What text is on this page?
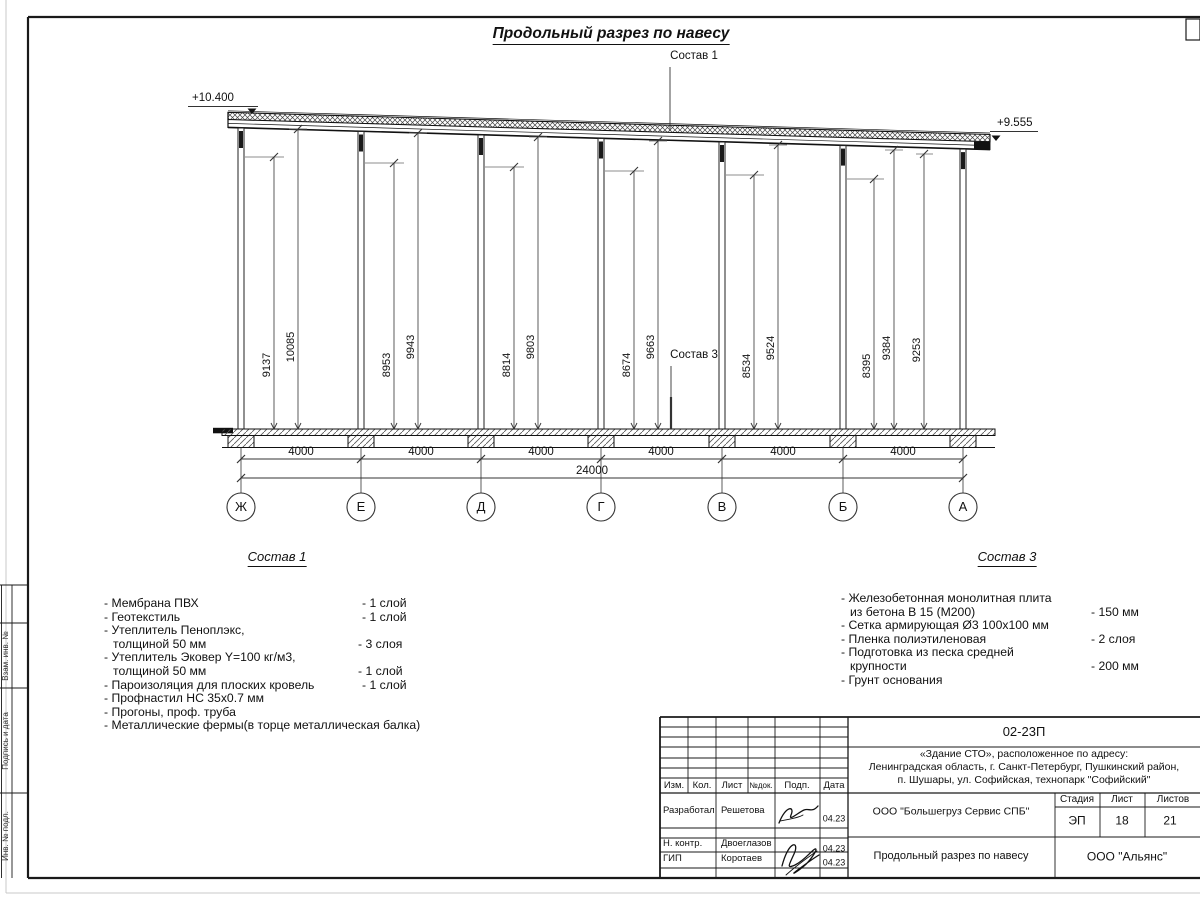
Продольный разрез по навесу
Состав 1
+10.400
+9.555
9137
10085
8953
9943
8814
9803
8674
9663
8534
9524
8395
9384 9253
Состав 3
4000	4000	4000	4000	4000	4000
24000
Ж	Е	Д	Г	В	Б	А
Состав 1
- Мембрана ПВХ	- 1 слой
- Геотекстиль	- 1 слой
- Утеплитель Пеноплэкс,
толщиной 50 мм	- 3 слоя
- Утеплитель Эковер Y=100 кг/м3,
толщиной 50 мм	- 1 слой
- Пароизоляция для плоских кровель	- 1 слой
- Профнастил НС 35х0.7 мм
- Прогоны, проф. труба
- Металлические фермы(в торце металлическая балка)
Состав 3
- Железобетонная монолитная плита
из бетона В 15 (М200)	- 150 мм
- Сетка армирующая Ø3 100х100 мм
- Пленка полиэтиленовая	- 2 слоя
- Подготовка из песка средней
крупности	- 200 мм
- Грунт основания
Взам. инв. №
Подпись и дата
Инв. № подл.
02-23П
«Здание СТО», расположенное по адресу:
Ленинградская область, г. Санкт-Петербург, Пушкинский район,
п. Шушары, ул. Софийская, технопарк "Софийский"
Изм. Кол. Лист №док. Подп. Дата
Разработал Решетова
04.23
Н. контр. Двоеглазов	04.23
ГИП	Коротаев	04.23
ООО "Большегруз Сервис СПБ"
Стадия Лист Листов
ЭП 18	21
Продольный разрез по навесу	ООО "Альянс"
